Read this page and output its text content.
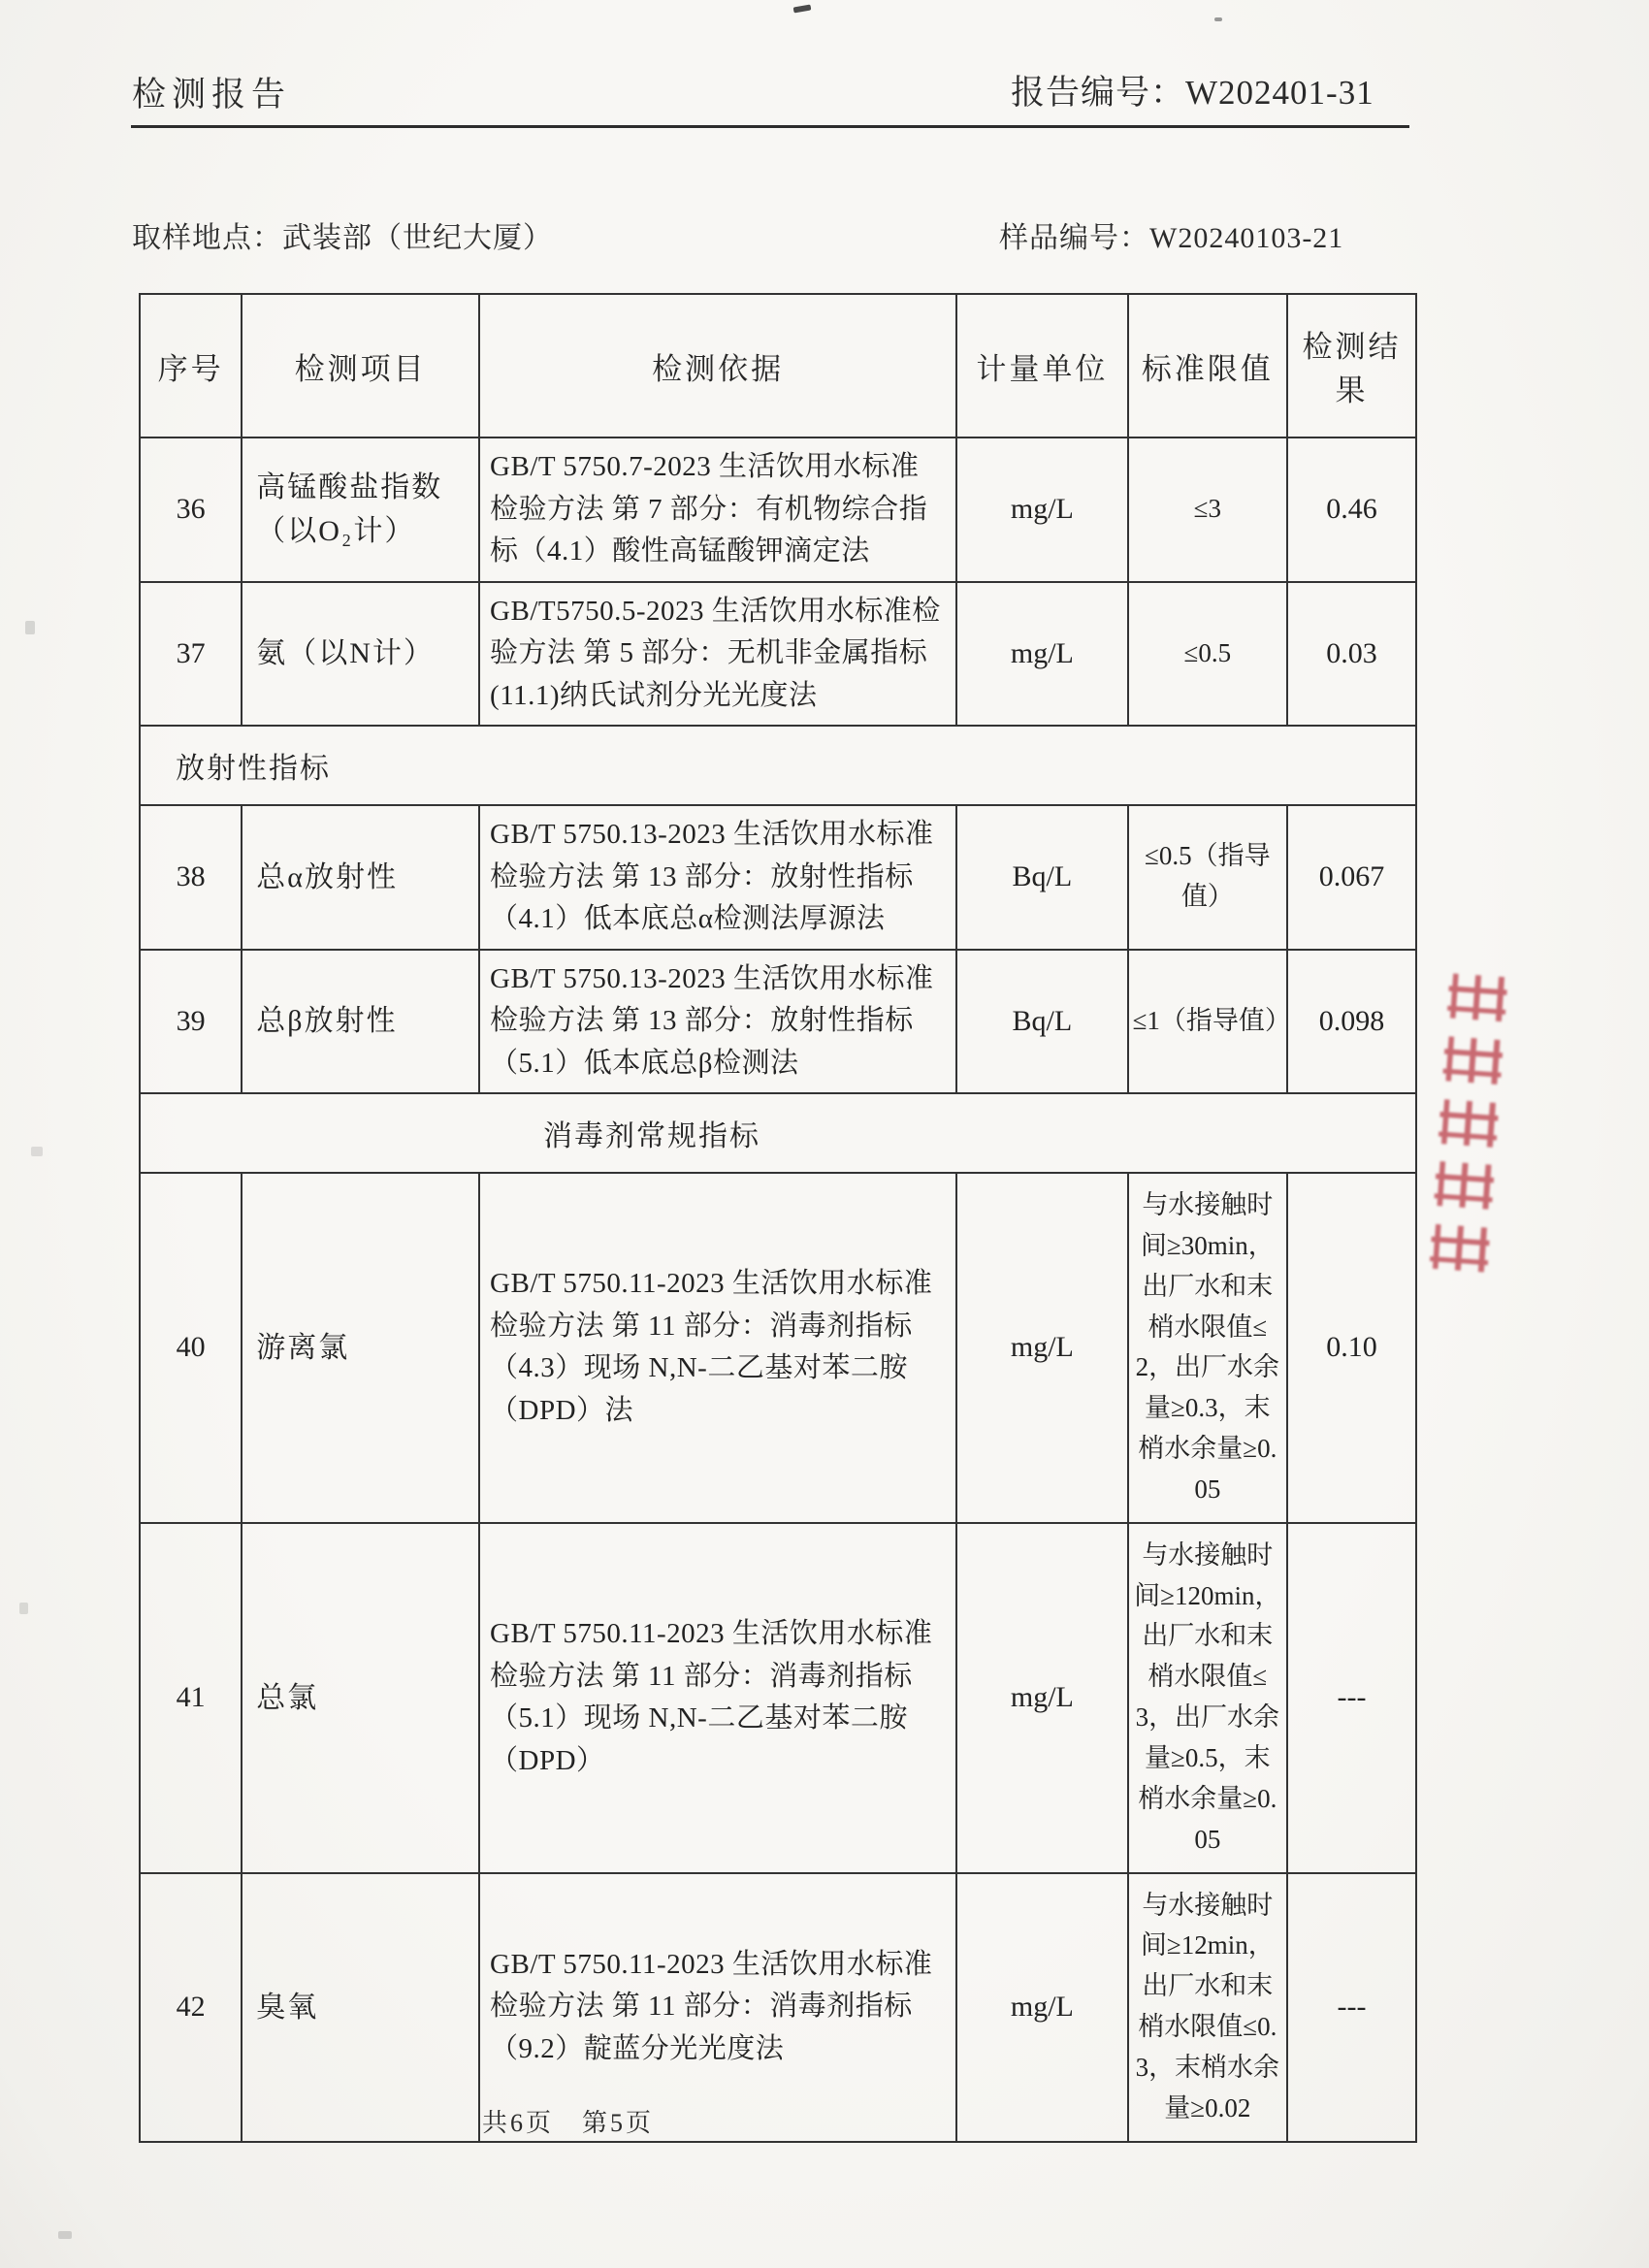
检测报告	报告编号：W202401-31
取样地点：武装部（世纪大厦）	样品编号：W20240103-21
序号	检测项目	检测依据	计量单位	标准限值	检测结果
36	高锰酸盐指数（以O₂计）	GB/T 5750.7-2023 生活饮用水标准检验方法 第 7 部分：有机物综合指标（4.1）酸性高锰酸钾滴定法	mg/L	≤3	0.46
37	氨（以N计）	GB/T5750.5-2023 生活饮用水标准检验方法 第 5 部分：无机非金属指标(11.1)纳氏试剂分光光度法	mg/L	≤0.5	0.03
放射性指标					
38	总α放射性	GB/T 5750.13-2023 生活饮用水标准检验方法 第 13 部分：放射性指标（4.1）低本底总α检测法厚源法	Bq/L	≤0.5（指导值）	0.067
39	总β放射性	GB/T 5750.13-2023 生活饮用水标准检验方法 第 13 部分：放射性指标（5.1）低本底总β检测法	Bq/L	≤1（指导值）	0.098
消毒剂常规指标					
40	游离氯	GB/T 5750.11-2023 生活饮用水标准检验方法 第 11 部分：消毒剂指标（4.3）现场 N,N-二乙基对苯二胺（DPD）法	mg/L	与水接触时间≥30min，出厂水和末梢水限值≤2，出厂水余量≥0.3，末梢水余量≥0.05	0.10
41	总氯	GB/T 5750.11-2023 生活饮用水标准检验方法 第 11 部分：消毒剂指标（5.1）现场 N,N-二乙基对苯二胺（DPD）	mg/L	与水接触时间≥120min，出厂水和末梢水限值≤3，出厂水余量≥0.5，末梢水余量≥0.05	---
42	臭氧	GB/T 5750.11-2023 生活饮用水标准检验方法 第 11 部分：消毒剂指标（9.2）靛蓝分光光度法	mg/L	与水接触时间≥12min，出厂水和末梢水限值≤0.3，末梢水余量≥0.02	---
共6页　第5页
